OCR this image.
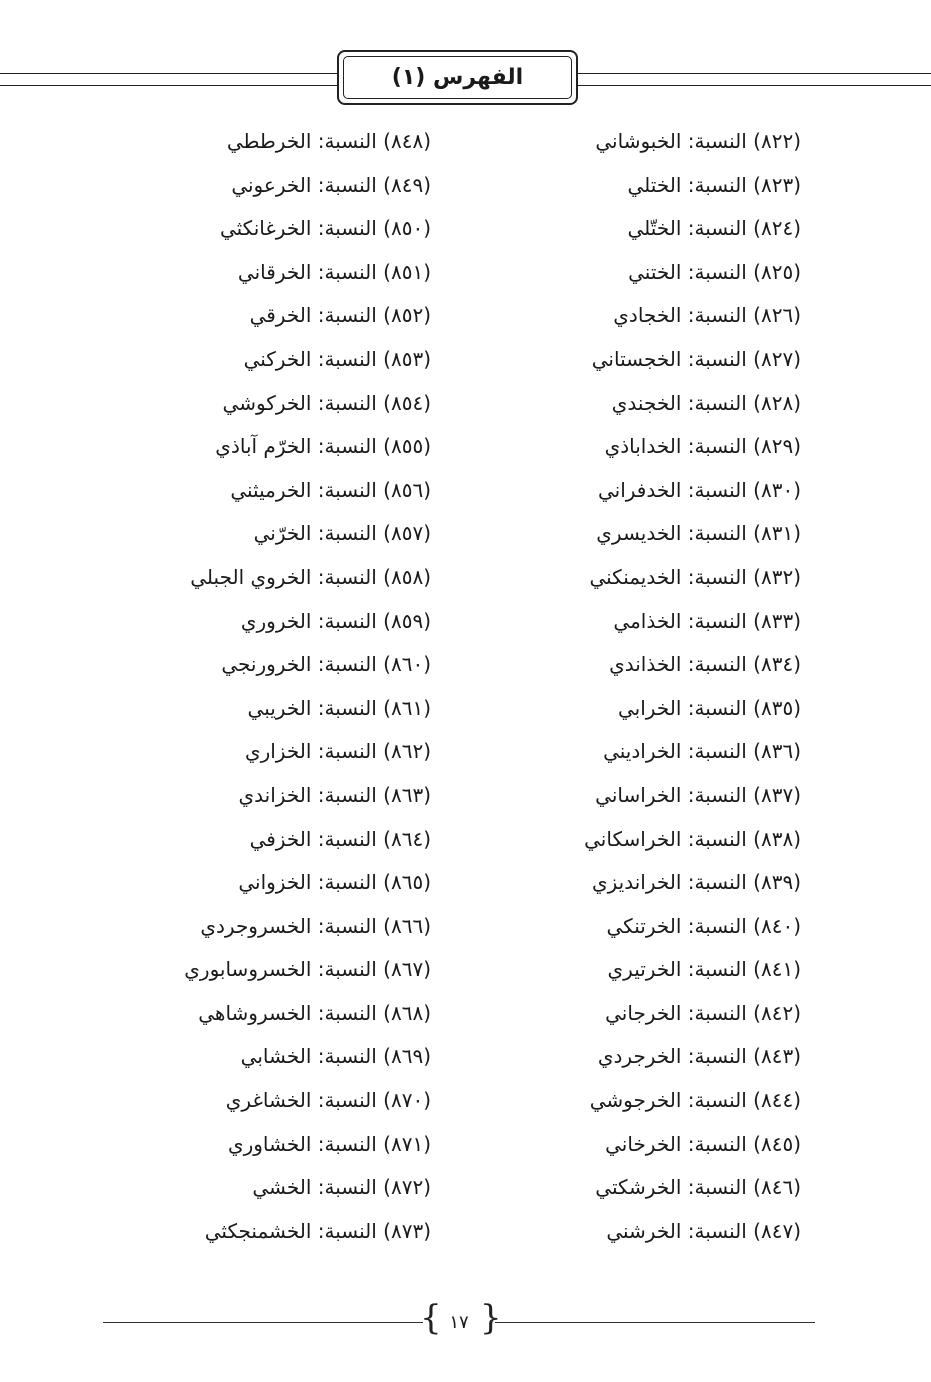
الفهرس (١)
(٨٢٢) النسبة: الخبوشاني
(٨٢٣) النسبة: الختلي
(٨٢٤) النسبة: الختّلي
(٨٢٥) النسبة: الختني
(٨٢٦) النسبة: الخجادي
(٨٢٧) النسبة: الخجستاني
(٨٢٨) النسبة: الخجندي
(٨٢٩) النسبة: الخداباذي
(٨٣٠) النسبة: الخدفراني
(٨٣١) النسبة: الخديسري
(٨٣٢) النسبة: الخديمنكني
(٨٣٣) النسبة: الخذامي
(٨٣٤) النسبة: الخذاندي
(٨٣٥) النسبة: الخرابي
(٨٣٦) النسبة: الخراديني
(٨٣٧) النسبة: الخراساني
(٨٣٨) النسبة: الخراسكاني
(٨٣٩) النسبة: الخرانديزي
(٨٤٠) النسبة: الخرتنكي
(٨٤١) النسبة: الخرتيري
(٨٤٢) النسبة: الخرجاني
(٨٤٣) النسبة: الخرجردي
(٨٤٤) النسبة: الخرجوشي
(٨٤٥) النسبة: الخرخاني
(٨٤٦) النسبة: الخرشكتي
(٨٤٧) النسبة: الخرشني
(٨٤٨) النسبة: الخرططي
(٨٤٩) النسبة: الخرعوني
(٨٥٠) النسبة: الخرغانكثي
(٨٥١) النسبة: الخرقاني
(٨٥٢) النسبة: الخرقي
(٨٥٣) النسبة: الخركني
(٨٥٤) النسبة: الخركوشي
(٨٥٥) النسبة: الخرّم آباذي
(٨٥٦) النسبة: الخرميثني
(٨٥٧) النسبة: الخرّني
(٨٥٨) النسبة: الخروي الجبلي
(٨٥٩) النسبة: الخروري
(٨٦٠) النسبة: الخرورنجي
(٨٦١) النسبة: الخريبي
(٨٦٢) النسبة: الخزاري
(٨٦٣) النسبة: الخزاندي
(٨٦٤) النسبة: الخزفي
(٨٦٥) النسبة: الخزواني
(٨٦٦) النسبة: الخسروجردي
(٨٦٧) النسبة: الخسروسابوري
(٨٦٨) النسبة: الخسروشاهي
(٨٦٩) النسبة: الخشابي
(٨٧٠) النسبة: الخشاغري
(٨٧١) النسبة: الخشاوري
(٨٧٢) النسبة: الخشي
(٨٧٣) النسبة: الخشمنجكثي
{ }
١٧
